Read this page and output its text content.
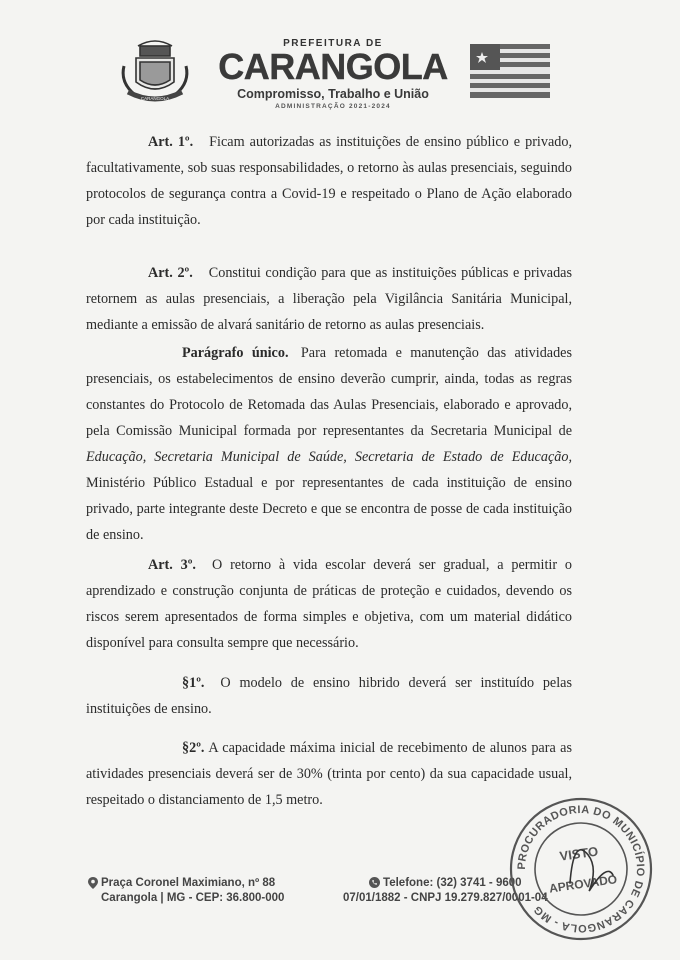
CARANGOLA
PREFEITURA DE
CARANGOLA
Compromisso, Trabalho e União
ADMINISTRAÇÃO 2021-2024

Art. 1º. Ficam autorizadas as instituições de ensino público e privado, facultativamente, sob suas responsabilidades, o retorno às aulas presenciais, seguindo protocolos de segurança contra a Covid-19 e respeitado o Plano de Ação elaborado por cada instituição.

Art. 2º. Constitui condição para que as instituições públicas e privadas retornem as aulas presenciais, a liberação pela Vigilância Sanitária Municipal, mediante a emissão de alvará sanitário de retorno as aulas presenciais.

Parágrafo único. Para retomada e manutenção das atividades presenciais, os estabelecimentos de ensino deverão cumprir, ainda, todas as regras constantes do Protocolo de Retomada das Aulas Presenciais, elaborado e aprovado, pela Comissão Municipal formada por representantes da Secretaria Municipal de Educação, Secretaria Municipal de Saúde, Secretaria de Estado de Educação, Ministério Público Estadual e por representantes de cada instituição de ensino privado, parte integrante deste Decreto e que se encontra de posse de cada instituição de ensino.

Art. 3º. O retorno à vida escolar deverá ser gradual, a permitir o aprendizado e construção conjunta de práticas de proteção e cuidados, devendo os riscos serem apresentados de forma simples e objetiva, com um material didático disponível para consulta sempre que necessário.

§1º. O modelo de ensino hibrido deverá ser instituído pelas instituições de ensino.

§2º. A capacidade máxima inicial de recebimento de alunos para as atividades presenciais deverá ser de 30% (trinta por cento) da sua capacidade usual, respeitado o distanciamento de 1,5 metro.

Praça Coronel Maximiano, nº 88
Carangola | MG - CEP: 36.800-000
Telefone: (32) 3741 - 9600
07/01/1882 - CNPJ 19.279.827/0001-04
PROCURADORIA DO MUNICÍPIO DE CARANGOLA - MG
VISTO
APROVADO
